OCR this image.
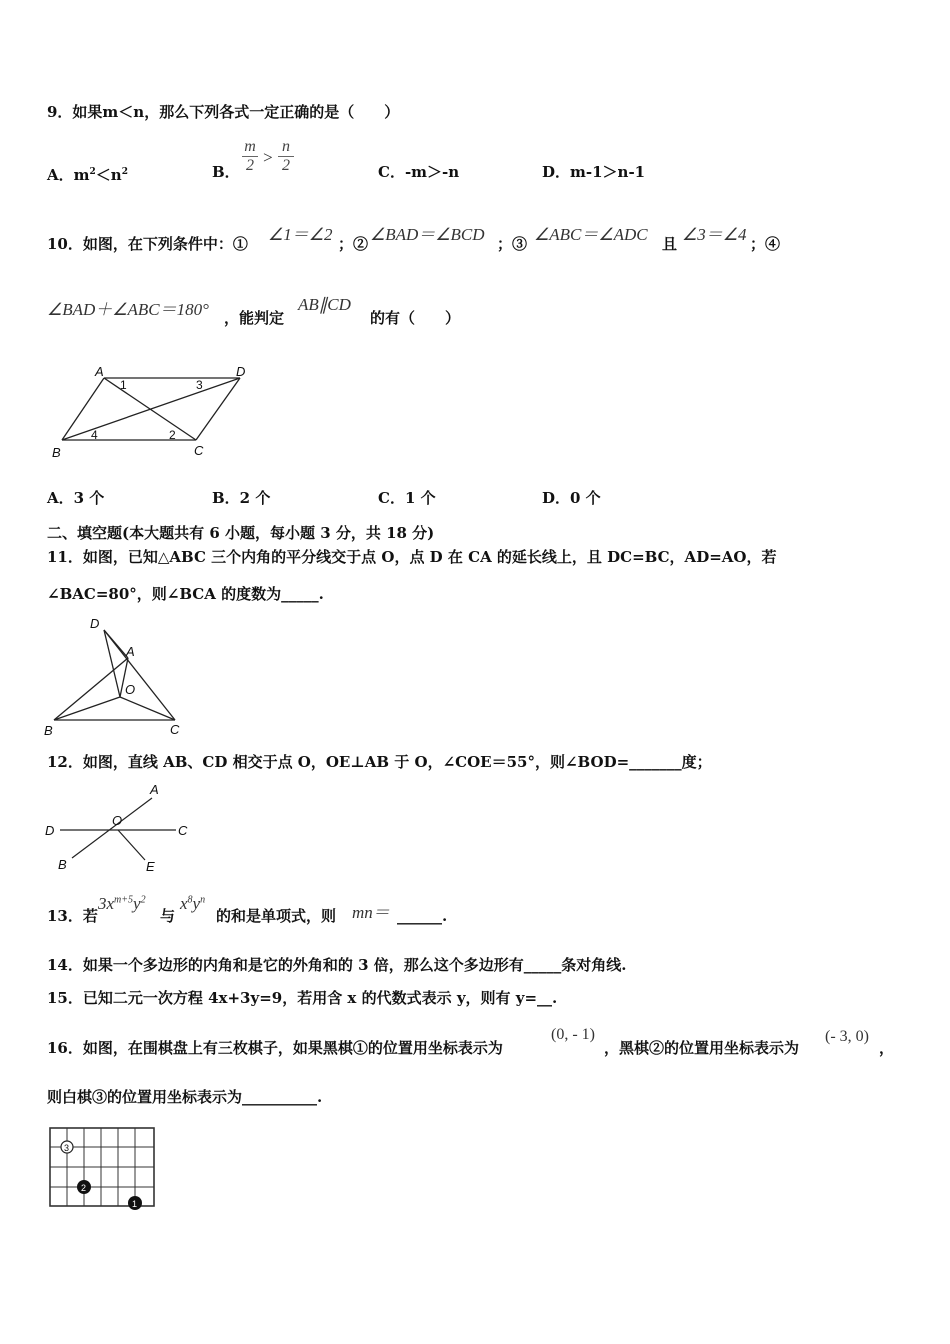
9．如果m＜n，那么下列各式一定正确的是（　　）
A．$m^2<n^2$	B． $\frac{m}{2} > \frac{n}{2}$	C．-m＞-n	D．m-1＞n-1
10．如图，在下列条件中：① ∠1＝∠2 ；② ∠BAD＝∠BCD ；③ ∠ABC＝∠ADC 且 ∠3＝∠4 ；④
∠BAD＋∠ABC＝180° ，能判定
AB∥CD
的有（　　）
A	D
B	C
1	3
4	2
A．3 个	B．2 个	C．1 个	D．0 个
二、填空题(本大题共有 6 小题，每小题 3 分，共 18 分)
11．如图，已知△ABC 三个内角的平分线交于点 O，点 D 在 CA 的延长线上，且 DC=BC，AD=AO，若
∠BAC=80°，则∠BCA 的度数为_____.
D
A
O
B	C
12．如图，直线 AB、CD 相交于点 O，OE⊥AB 于 O，∠COE＝55°，则∠BOD=_______度；
A
O
D	C
B	E
13．若
$3x^{m+5}y^2$
与
$x^8y^n$
的和是单项式，则 mn＝ ______.
14．如果一个多边形的内角和是它的外角和的 3 倍，那么这个多边形有_____条对角线.
15．已知二元一次方程 4x+3y=9，若用含 x 的代数式表示 y，则有 y=__.
16．如图，在围棋盘上有三枚棋子，如果黑棋①的位置用坐标表示为
(0, - 1)
，黑棋②的位置用坐标表示为
(- 3, 0)
，
则白棋③的位置用坐标表示为__________.
3
2
1
